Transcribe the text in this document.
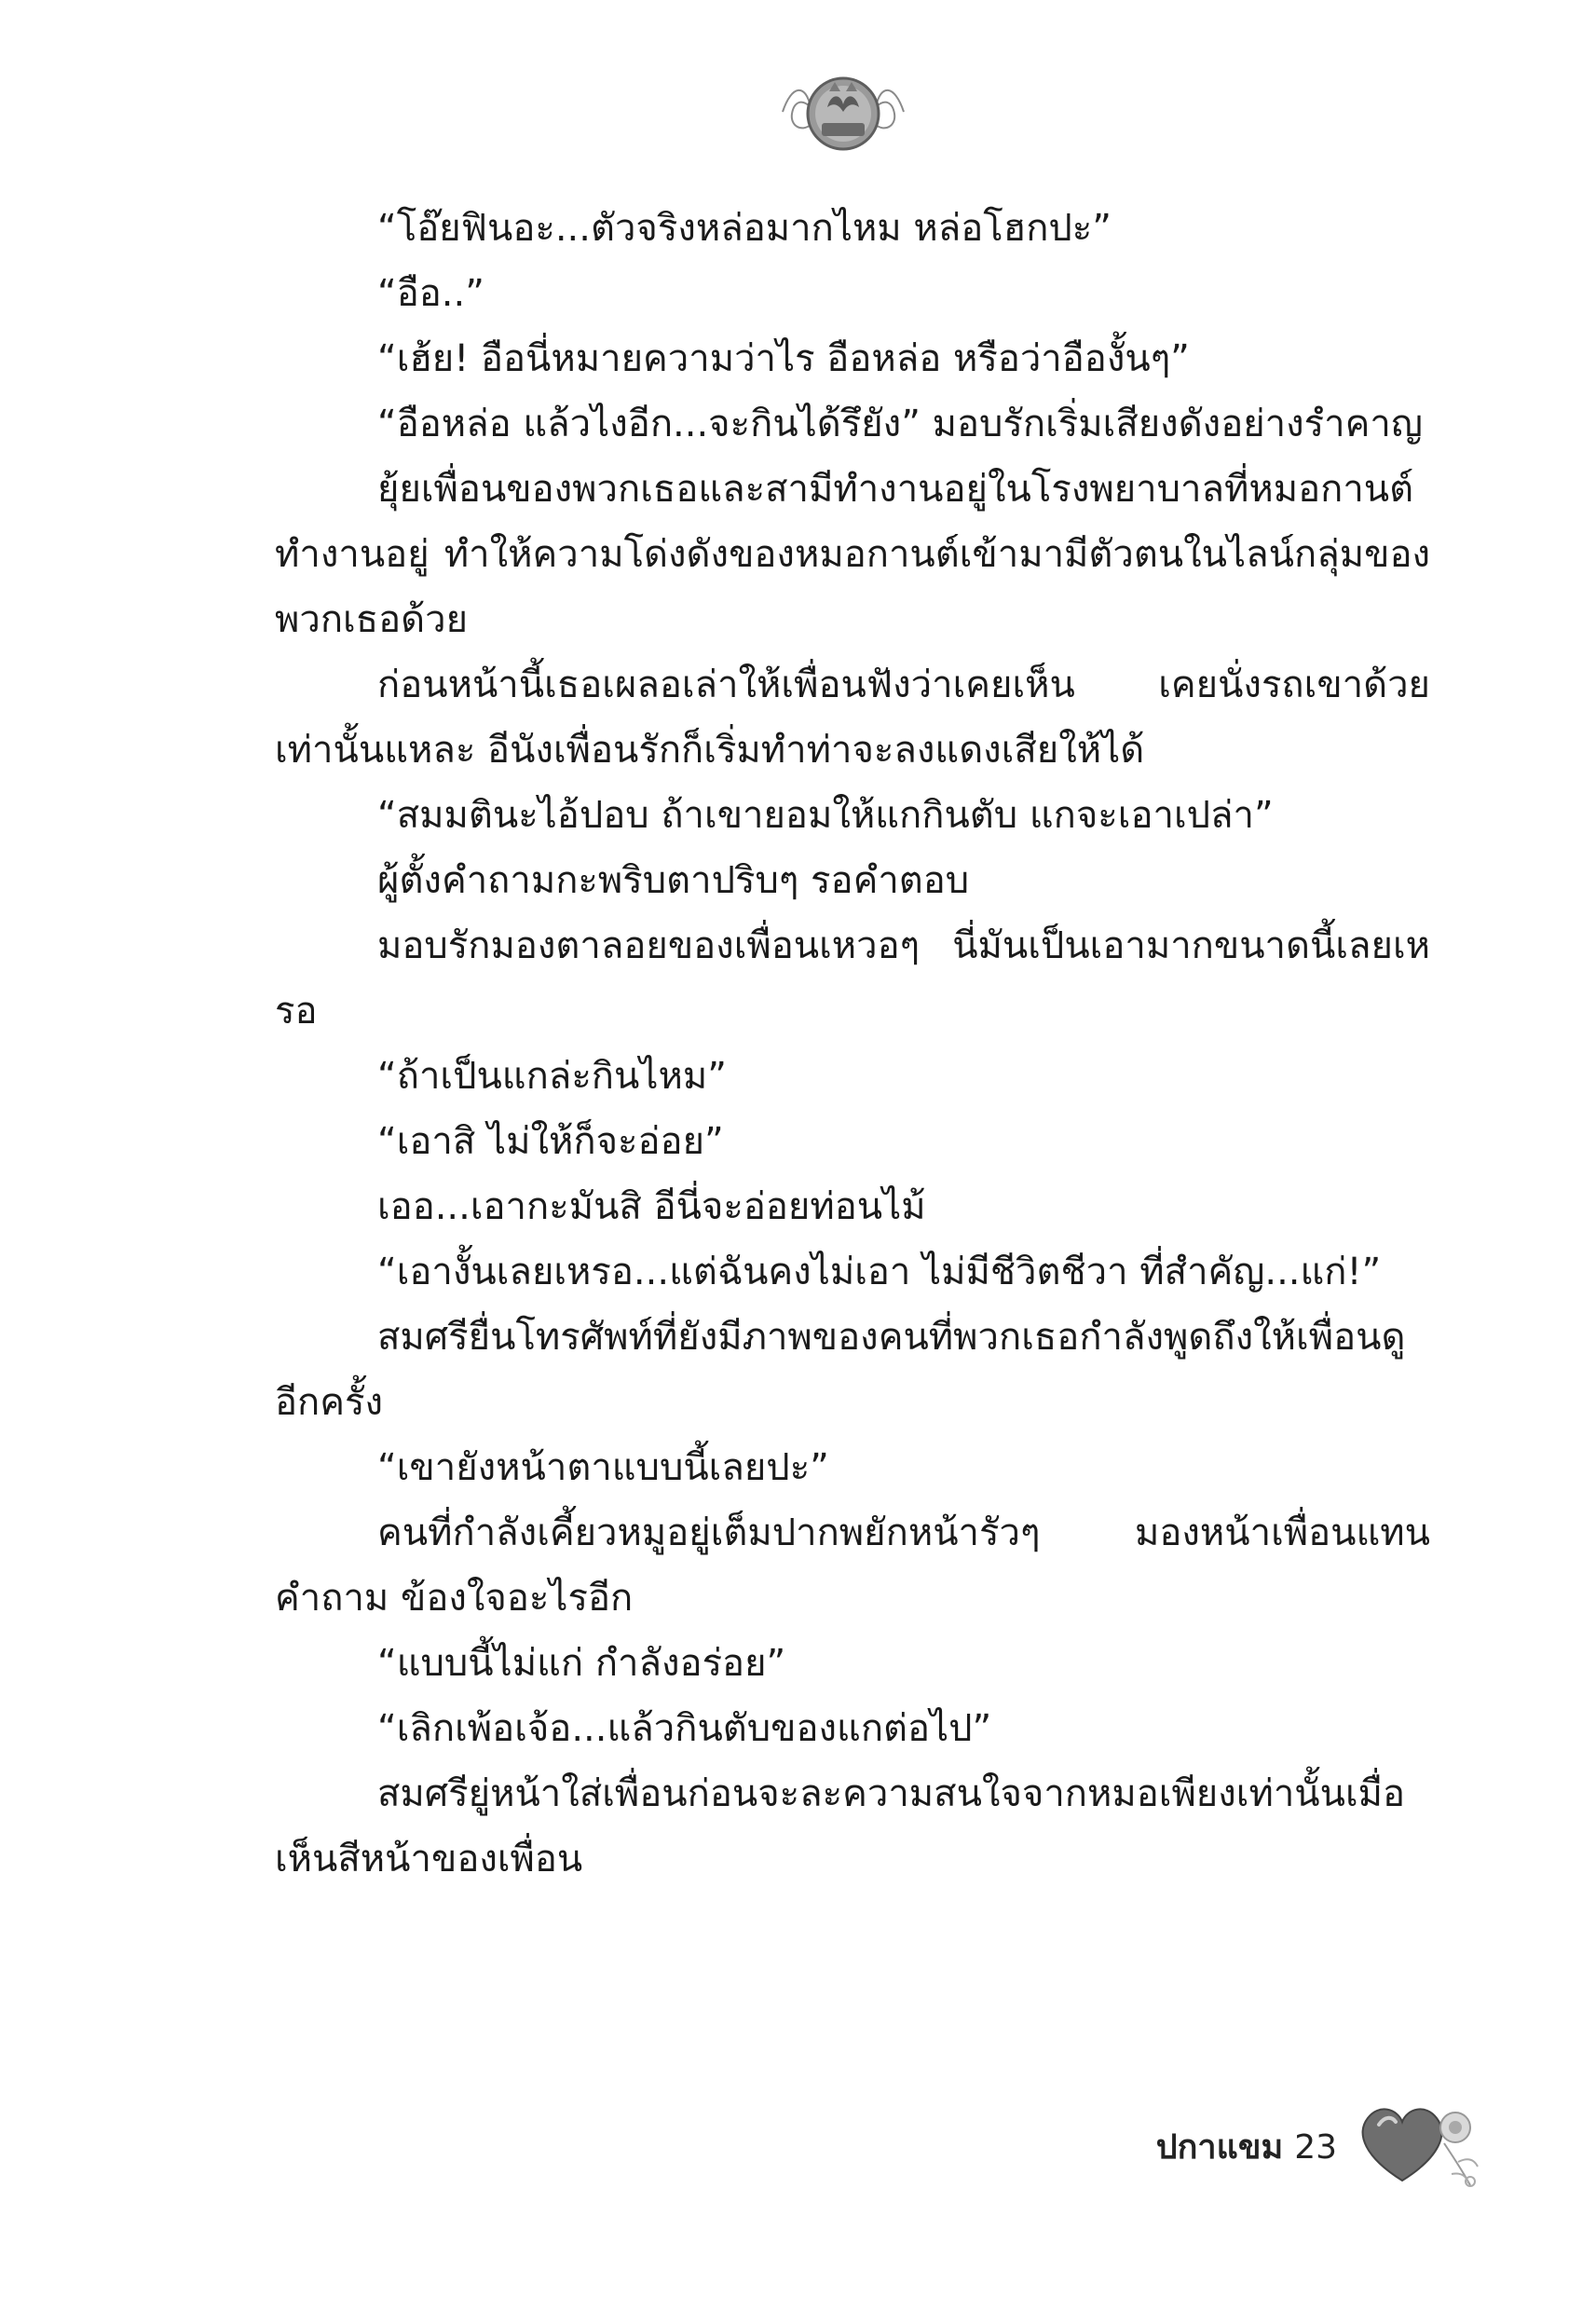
“โอ๊ยฟินอะ...ตัวจริงหล่อมากไหม หล่อโฮกปะ”

“อือ..”

“เฮ้ย! อือนี่หมายความว่าไร อือหล่อ หรือว่าอืองั้นๆ”

“อือหล่อ แล้วไงอีก...จะกินได้รึยัง” มอบรักเริ่มเสียงดังอย่างรำคาญ

ยุ้ยเพื่อนของพวกเธอและสามีทำงานอยู่ในโรงพยาบาลที่หมอกานต์ทำงานอยู่ ทำให้ความโด่งดังของหมอกานต์เข้ามามีตัวตนในไลน์กลุ่มของพวกเธอด้วย

ก่อนหน้านี้เธอเผลอเล่าให้เพื่อนฟังว่าเคยเห็น เคยนั่งรถเขาด้วยเท่านั้นแหละ อีนังเพื่อนรักก็เริ่มทำท่าจะลงแดงเสียให้ได้

“สมมตินะไอ้ปอบ ถ้าเขายอมให้แกกินตับ แกจะเอาเปล่า”

ผู้ตั้งคำถามกะพริบตาปริบๆ รอคำตอบ

มอบรักมองตาลอยของเพื่อนเหวอๆ นี่มันเป็นเอามากขนาดนี้เลยเหรอ

“ถ้าเป็นแกล่ะกินไหม”

“เอาสิ ไม่ให้ก็จะอ่อย”

เออ...เอากะมันสิ อีนี่จะอ่อยท่อนไม้

“เอางั้นเลยเหรอ...แต่ฉันคงไม่เอา ไม่มีชีวิตชีวา ที่สำคัญ...แก่!”

สมศรียื่นโทรศัพท์ที่ยังมีภาพของคนที่พวกเธอกำลังพูดถึงให้เพื่อนดูอีกครั้ง

“เขายังหน้าตาแบบนี้เลยปะ”

คนที่กำลังเคี้ยวหมูอยู่เต็มปากพยักหน้ารัวๆ มองหน้าเพื่อนแทนคำถาม ข้องใจอะไรอีก

“แบบนี้ไม่แก่ กำลังอร่อย”

“เลิกเพ้อเจ้อ...แล้วกินตับของแกต่อไป”

สมศรียู่หน้าใส่เพื่อนก่อนจะละความสนใจจากหมอเพียงเท่านั้นเมื่อเห็นสีหน้าของเพื่อน

ปกาแขม 23
